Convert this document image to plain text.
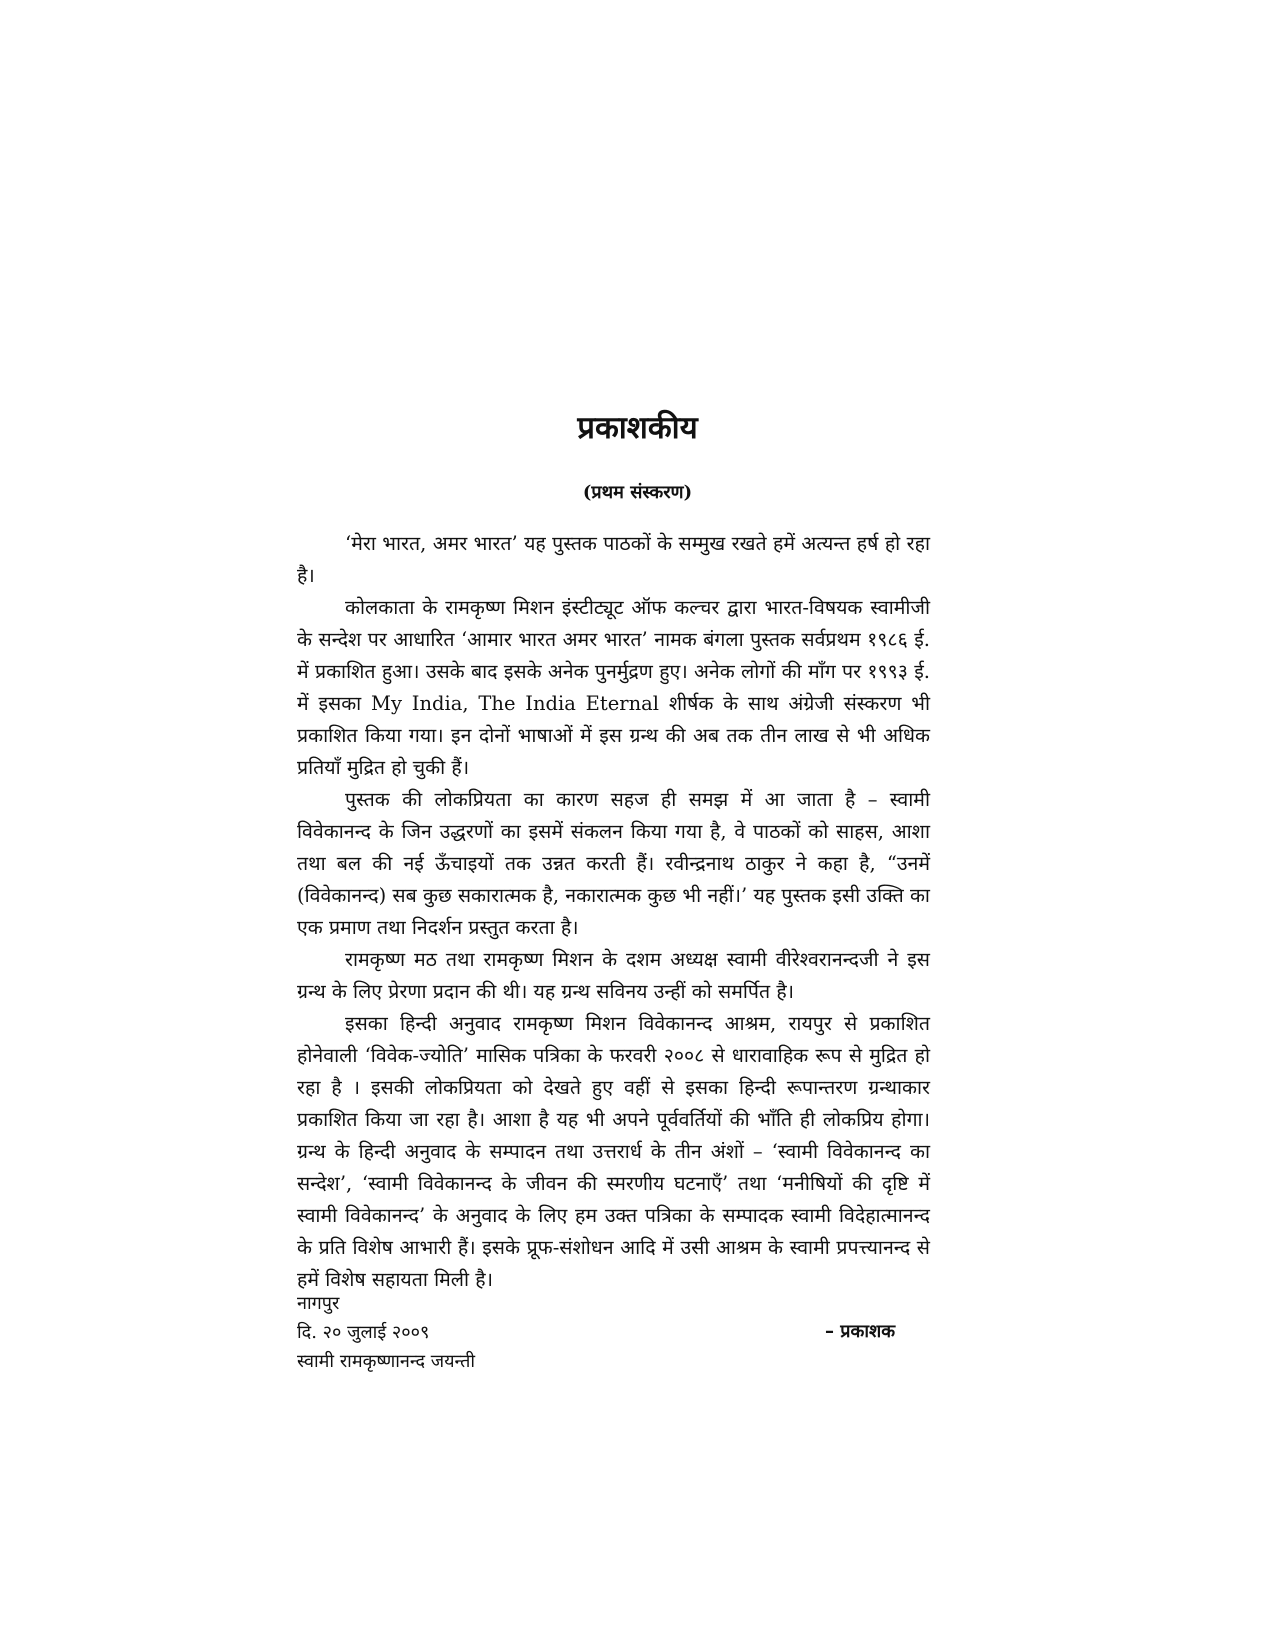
प्रकाशकीय
(प्रथम संस्करण)

‘मेरा भारत, अमर भारत’ यह पुस्तक पाठकों के सम्मुख रखते हमें अत्यन्त हर्ष हो रहा है।

कोलकाता के रामकृष्ण मिशन इंस्टीट्यूट ऑफ कल्चर द्वारा भारत-विषयक स्वामीजी के सन्देश पर आधारित ‘आमार भारत अमर भारत’ नामक बंगला पुस्तक सर्वप्रथम १९८६ ई. में प्रकाशित हुआ। उसके बाद इसके अनेक पुनर्मुद्रण हुए। अनेक लोगों की माँग पर १९९३ ई. में इसका My India, The India Eternal शीर्षक के साथ अंग्रेजी संस्करण भी प्रकाशित किया गया। इन दोनों भाषाओं में इस ग्रन्थ की अब तक तीन लाख से भी अधिक प्रतियाँ मुद्रित हो चुकी हैं।

पुस्तक की लोकप्रियता का कारण सहज ही समझ में आ जाता है – स्वामी विवेकानन्द के जिन उद्धरणों का इसमें संकलन किया गया है, वे पाठकों को साहस, आशा तथा बल की नई ऊँचाइयों तक उन्नत करती हैं। रवीन्द्रनाथ ठाकुर ने कहा है, “उनमें (विवेकानन्द) सब कुछ सकारात्मक है, नकारात्मक कुछ भी नहीं।’ यह पुस्तक इसी उक्ति का एक प्रमाण तथा निदर्शन प्रस्तुत करता है।

रामकृष्ण मठ तथा रामकृष्ण मिशन के दशम अध्यक्ष स्वामी वीरेश्वरानन्दजी ने इस ग्रन्थ के लिए प्रेरणा प्रदान की थी। यह ग्रन्थ सविनय उन्हीं को समर्पित है।

इसका हिन्दी अनुवाद रामकृष्ण मिशन विवेकानन्द आश्रम, रायपुर से प्रकाशित होनेवाली ‘विवेक-ज्योति’ मासिक पत्रिका के फरवरी २००८ से धारावाहिक रूप से मुद्रित हो रहा है । इसकी लोकप्रियता को देखते हुए वहीं से इसका हिन्दी रूपान्तरण ग्रन्थाकार प्रकाशित किया जा रहा है। आशा है यह भी अपने पूर्ववर्तियों की भाँति ही लोकप्रिय होगा। ग्रन्थ के हिन्दी अनुवाद के सम्पादन तथा उत्तरार्ध के तीन अंशों – ‘स्वामी विवेकानन्द का सन्देश’, ‘स्वामी विवेकानन्द के जीवन की स्मरणीय घटनाएँ’ तथा ‘मनीषियों की दृष्टि में स्वामी विवेकानन्द’ के अनुवाद के लिए हम उक्त पत्रिका के सम्पादक स्वामी विदेहात्मानन्द के प्रति विशेष आभारी हैं। इसके प्रूफ-संशोधन आदि में उसी आश्रम के स्वामी प्रपत्त्यानन्द से हमें विशेष सहायता मिली है।

नागपुर
दि. २० जुलाई २००९
स्वामी रामकृष्णानन्द जयन्ती
– प्रकाशक
